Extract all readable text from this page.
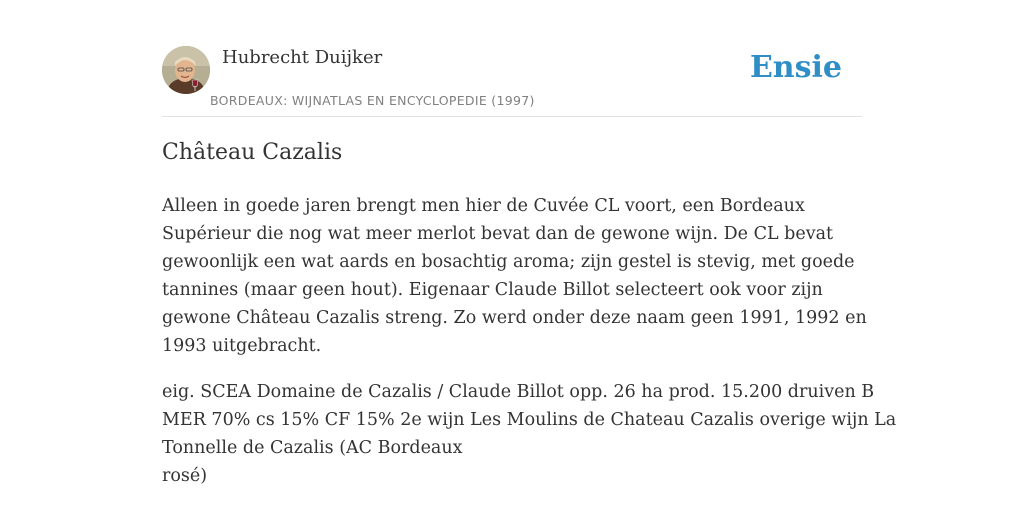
Hubrecht Duijker
BORDEAUX: WIJNATLAS EN ENCYCLOPEDIE (1997)
Ensie
Château Cazalis

Alleen in goede jaren brengt men hier de Cuvée CL voort, een Bordeaux
Supérieur die nog wat meer merlot bevat dan de gewone wijn. De CL bevat
gewoonlijk een wat aards en bosachtig aroma; zijn gestel is stevig, met goede
tannines (maar geen hout). Eigenaar Claude Billot selecteert ook voor zijn
gewone Château Cazalis streng. Zo werd onder deze naam geen 1991, 1992 en
1993 uitgebracht.

eig. SCEA Domaine de Cazalis / Claude Billot opp. 26 ha prod. 15.200 druiven B
MER 70% cs 15% CF 15% 2e wijn Les Moulins de Chateau Cazalis overige wijn La
Tonnelle de Cazalis (AC Bordeaux
rosé)
